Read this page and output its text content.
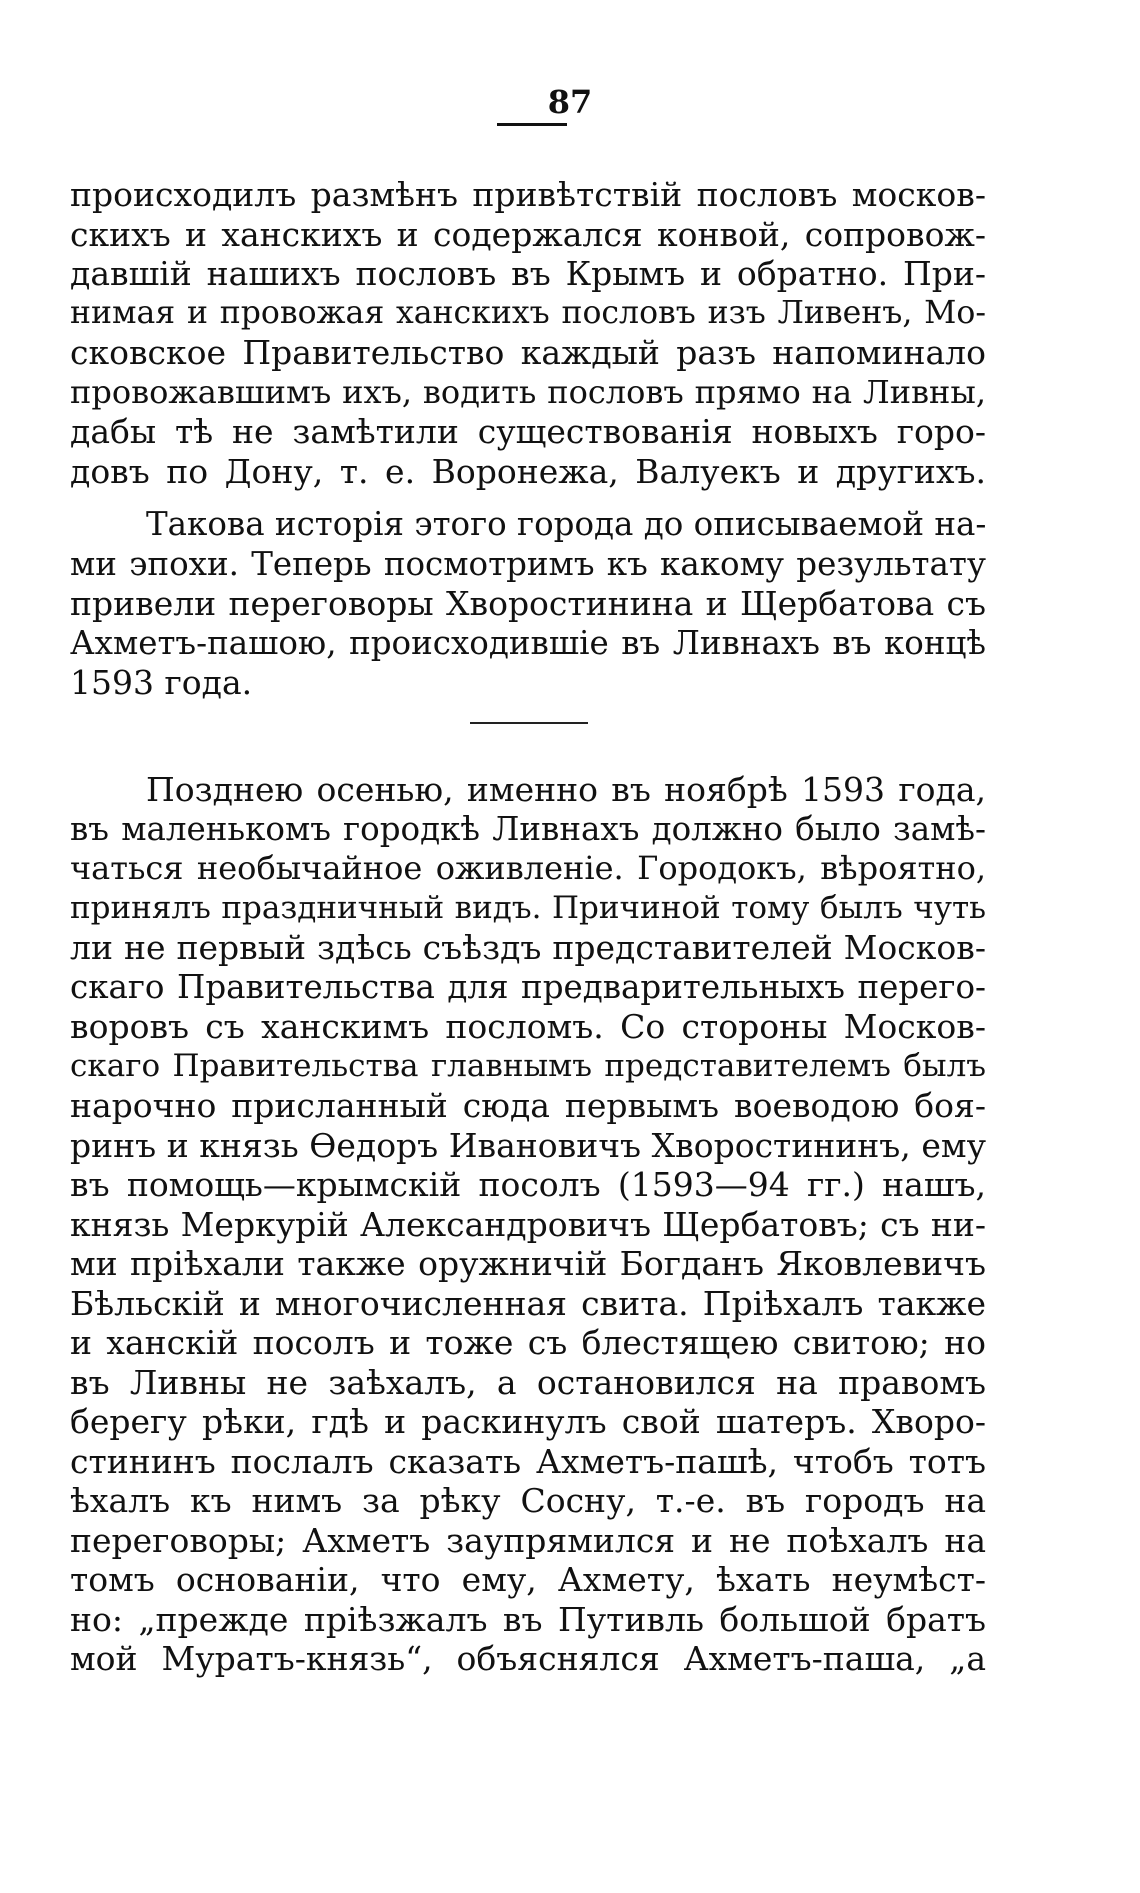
87
происходилъ размѣнъ привѣтствій пословъ москов-
скихъ и ханскихъ и содержался конвой, сопровож-
давшій нашихъ пословъ въ Крымъ и обратно. При-
нимая и провожая ханскихъ пословъ изъ Ливенъ, Мо-
сковское Правительство каждый разъ напоминало
провожавшимъ ихъ, водить пословъ прямо на Ливны,
дабы тѣ не замѣтили существованія новыхъ горо-
довъ по Дону, т. е. Воронежа, Валуекъ и другихъ.
Такова исторія этого города до описываемой на-
ми эпохи. Теперь посмотримъ къ какому результату
привели переговоры Хворостинина и Щербатова съ
Ахметъ-пашою, происходившіе въ Ливнахъ въ концѣ
1593 года.
Позднею осенью, именно въ ноябрѣ 1593 года,
въ маленькомъ городкѣ Ливнахъ должно было замѣ-
чаться необычайное оживленіе. Городокъ, вѣроятно,
принялъ праздничный видъ. Причиной тому былъ чуть
ли не первый здѣсь съѣздъ представителей Москов-
скаго Правительства для предварительныхъ перего-
воровъ съ ханскимъ посломъ. Со стороны Москов-
скаго Правительства главнымъ представителемъ былъ
нарочно присланный сюда первымъ воеводою боя-
ринъ и князь Ѳедоръ Ивановичъ Хворостининъ, ему
въ помощь—крымскій посолъ (1593—94 гг.) нашъ,
князь Меркурій Александровичъ Щербатовъ; съ ни-
ми пріѣхали также оружничій Богданъ Яковлевичъ
Бѣльскій и многочисленная свита. Пріѣхалъ также
и ханскій посолъ и тоже съ блестящею свитою; но
въ Ливны не заѣхалъ, а остановился на правомъ
берегу рѣки, гдѣ и раскинулъ свой шатеръ. Хворо-
стининъ послалъ сказать Ахметъ-пашѣ, чтобъ тотъ
ѣхалъ къ нимъ за рѣку Сосну, т.-е. въ городъ на
переговоры; Ахметъ заупрямился и не поѣхалъ на
томъ основаніи, что ему, Ахмету, ѣхать неумѣст-
но: „прежде пріѣзжалъ въ Путивль большой братъ
мой Муратъ-князь“, объяснялся Ахметъ-паша, „а
